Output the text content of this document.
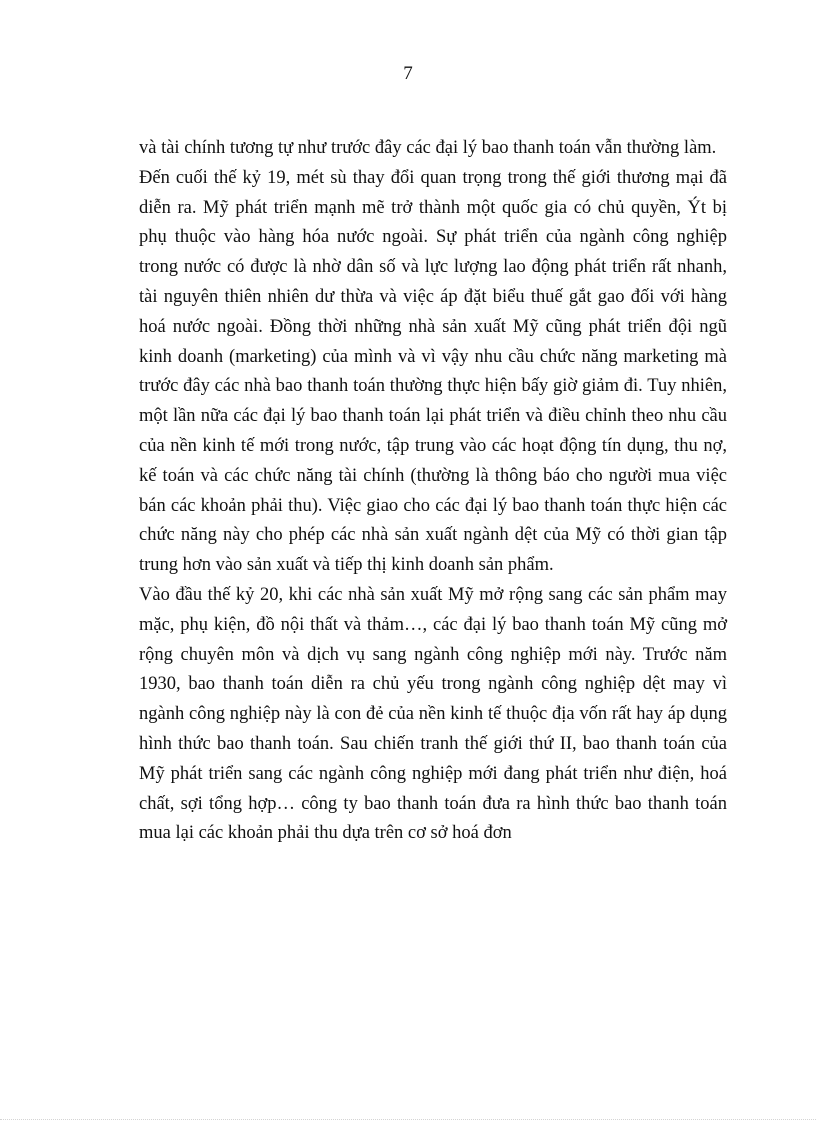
7

và tài chính tương tự như trước đây các đại lý bao thanh toán vẫn thường làm.

Đến cuối thế kỷ 19, mét sù thay đổi quan trọng trong thế giới thương mại đã diễn ra. Mỹ phát triển mạnh mẽ trở thành một quốc gia có chủ quyền, Ýt bị phụ thuộc vào hàng hóa nước ngoài. Sự phát triển của ngành công nghiệp trong nước có được là nhờ dân số và lực lượng lao động phát triển rất nhanh, tài nguyên thiên nhiên dư thừa và việc áp đặt biểu thuế gắt gao đối với hàng hoá nước ngoài. Đồng thời những nhà sản xuất Mỹ cũng phát triển đội ngũ kinh doanh (marketing) của mình và vì vậy nhu cầu chức năng marketing mà trước đây các nhà bao thanh toán thường thực hiện bấy giờ giảm đi. Tuy nhiên, một lần nữa các đại lý bao thanh toán lại phát triển và điều chỉnh theo nhu cầu của nền kinh tế mới trong nước, tập trung vào các hoạt động tín dụng, thu nợ, kế toán và các chức năng tài chính (thường là thông báo cho người mua việc bán các khoản phải thu). Việc giao cho các đại lý bao thanh toán thực hiện các chức năng này cho phép các nhà sản xuất ngành dệt của Mỹ có thời gian tập trung hơn vào sản xuất và tiếp thị kinh doanh sản phẩm.

Vào đầu thế kỷ 20, khi các nhà sản xuất Mỹ mở rộng sang các sản phẩm may mặc, phụ kiện, đồ nội thất và thảm…, các đại lý bao thanh toán Mỹ cũng mở rộng chuyên môn và dịch vụ sang ngành công nghiệp mới này. Trước năm 1930, bao thanh toán diễn ra chủ yếu trong ngành công nghiệp dệt may vì ngành công nghiệp này là con đẻ của nền kinh tế thuộc địa vốn rất hay áp dụng hình thức bao thanh toán. Sau chiến tranh thế giới thứ II, bao thanh toán của Mỹ phát triển sang các ngành công nghiệp mới đang phát triển như điện, hoá chất, sợi tổng hợp… công ty bao thanh toán đưa ra hình thức bao thanh toán mua lại các khoản phải thu dựa trên cơ sở hoá đơn
